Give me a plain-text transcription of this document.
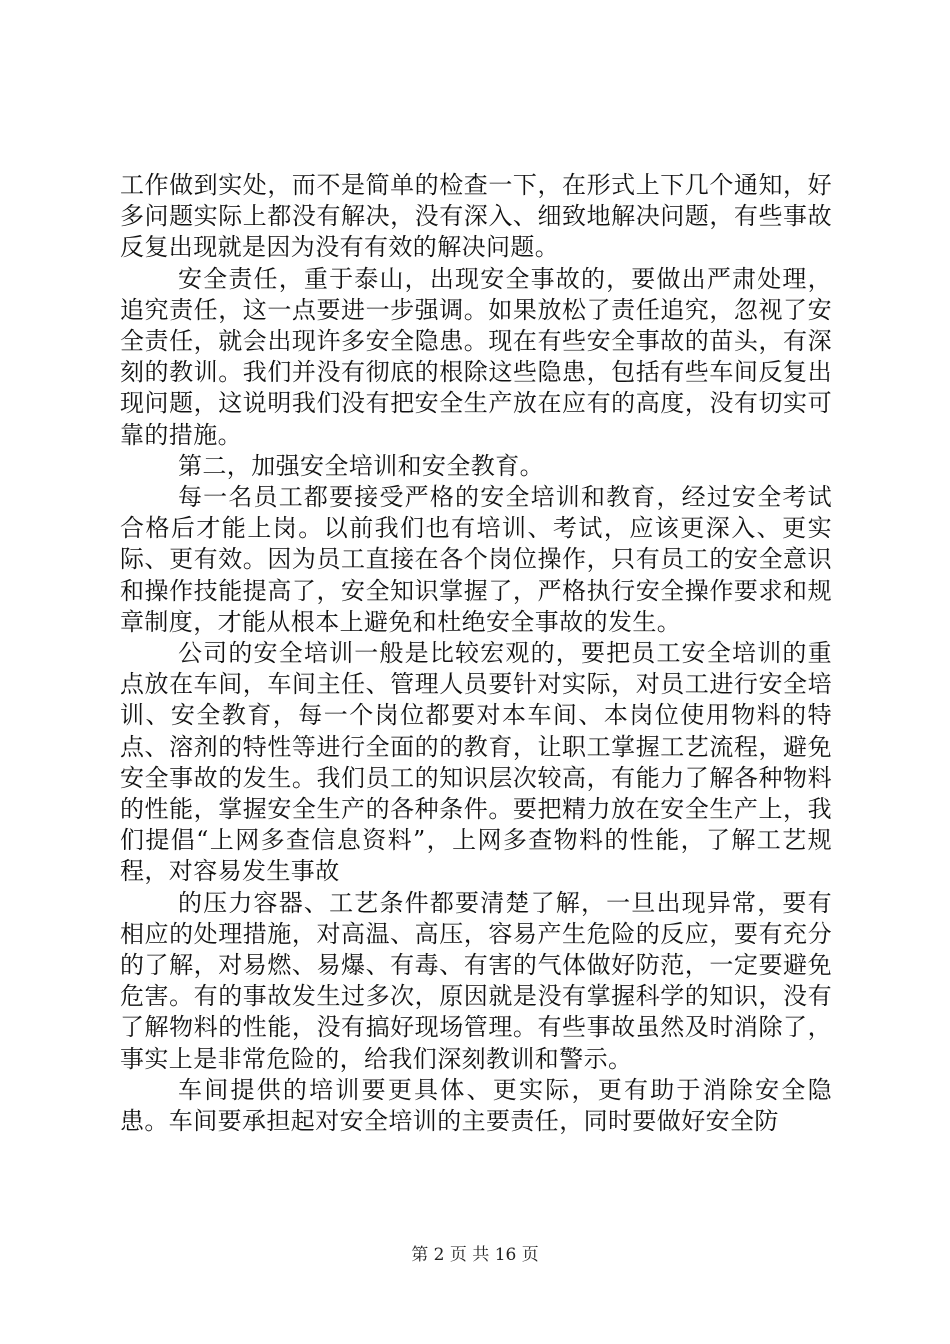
工作做到实处，而不是简单的检查一下，在形式上下几个通知，好多问题实际上都没有解决，没有深入、细致地解决问题，有些事故反复出现就是因为没有有效的解决问题。

安全责任，重于泰山，出现安全事故的，要做出严肃处理，追究责任，这一点要进一步强调。如果放松了责任追究，忽视了安全责任，就会出现许多安全隐患。现在有些安全事故的苗头，有深刻的教训。我们并没有彻底的根除这些隐患，包括有些车间反复出现问题，这说明我们没有把安全生产放在应有的高度，没有切实可靠的措施。

第二，加强安全培训和安全教育。

每一名员工都要接受严格的安全培训和教育，经过安全考试合格后才能上岗。以前我们也有培训、考试，应该更深入、更实际、更有效。因为员工直接在各个岗位操作，只有员工的安全意识和操作技能提高了，安全知识掌握了，严格执行安全操作要求和规章制度，才能从根本上避免和杜绝安全事故的发生。

公司的安全培训一般是比较宏观的，要把员工安全培训的重点放在车间，车间主任、管理人员要针对实际，对员工进行安全培训、安全教育，每一个岗位都要对本车间、本岗位使用物料的特点、溶剂的特性等进行全面的的教育，让职工掌握工艺流程，避免安全事故的发生。我们员工的知识层次较高，有能力了解各种物料的性能，掌握安全生产的各种条件。要把精力放在安全生产上，我们提倡“上网多查信息资料”，上网多查物料的性能，了解工艺规程，对容易发生事故

的压力容器、工艺条件都要清楚了解，一旦出现异常，要有相应的处理措施，对高温、高压，容易产生危险的反应，要有充分的了解，对易燃、易爆、有毒、有害的气体做好防范，一定要避免危害。有的事故发生过多次，原因就是没有掌握科学的知识，没有了解物料的性能，没有搞好现场管理。有些事故虽然及时消除了，事实上是非常危险的，给我们深刻教训和警示。

车间提供的培训要更具体、更实际，更有助于消除安全隐患。车间要承担起对安全培训的主要责任，同时要做好安全防

第 2 页 共 16 页
